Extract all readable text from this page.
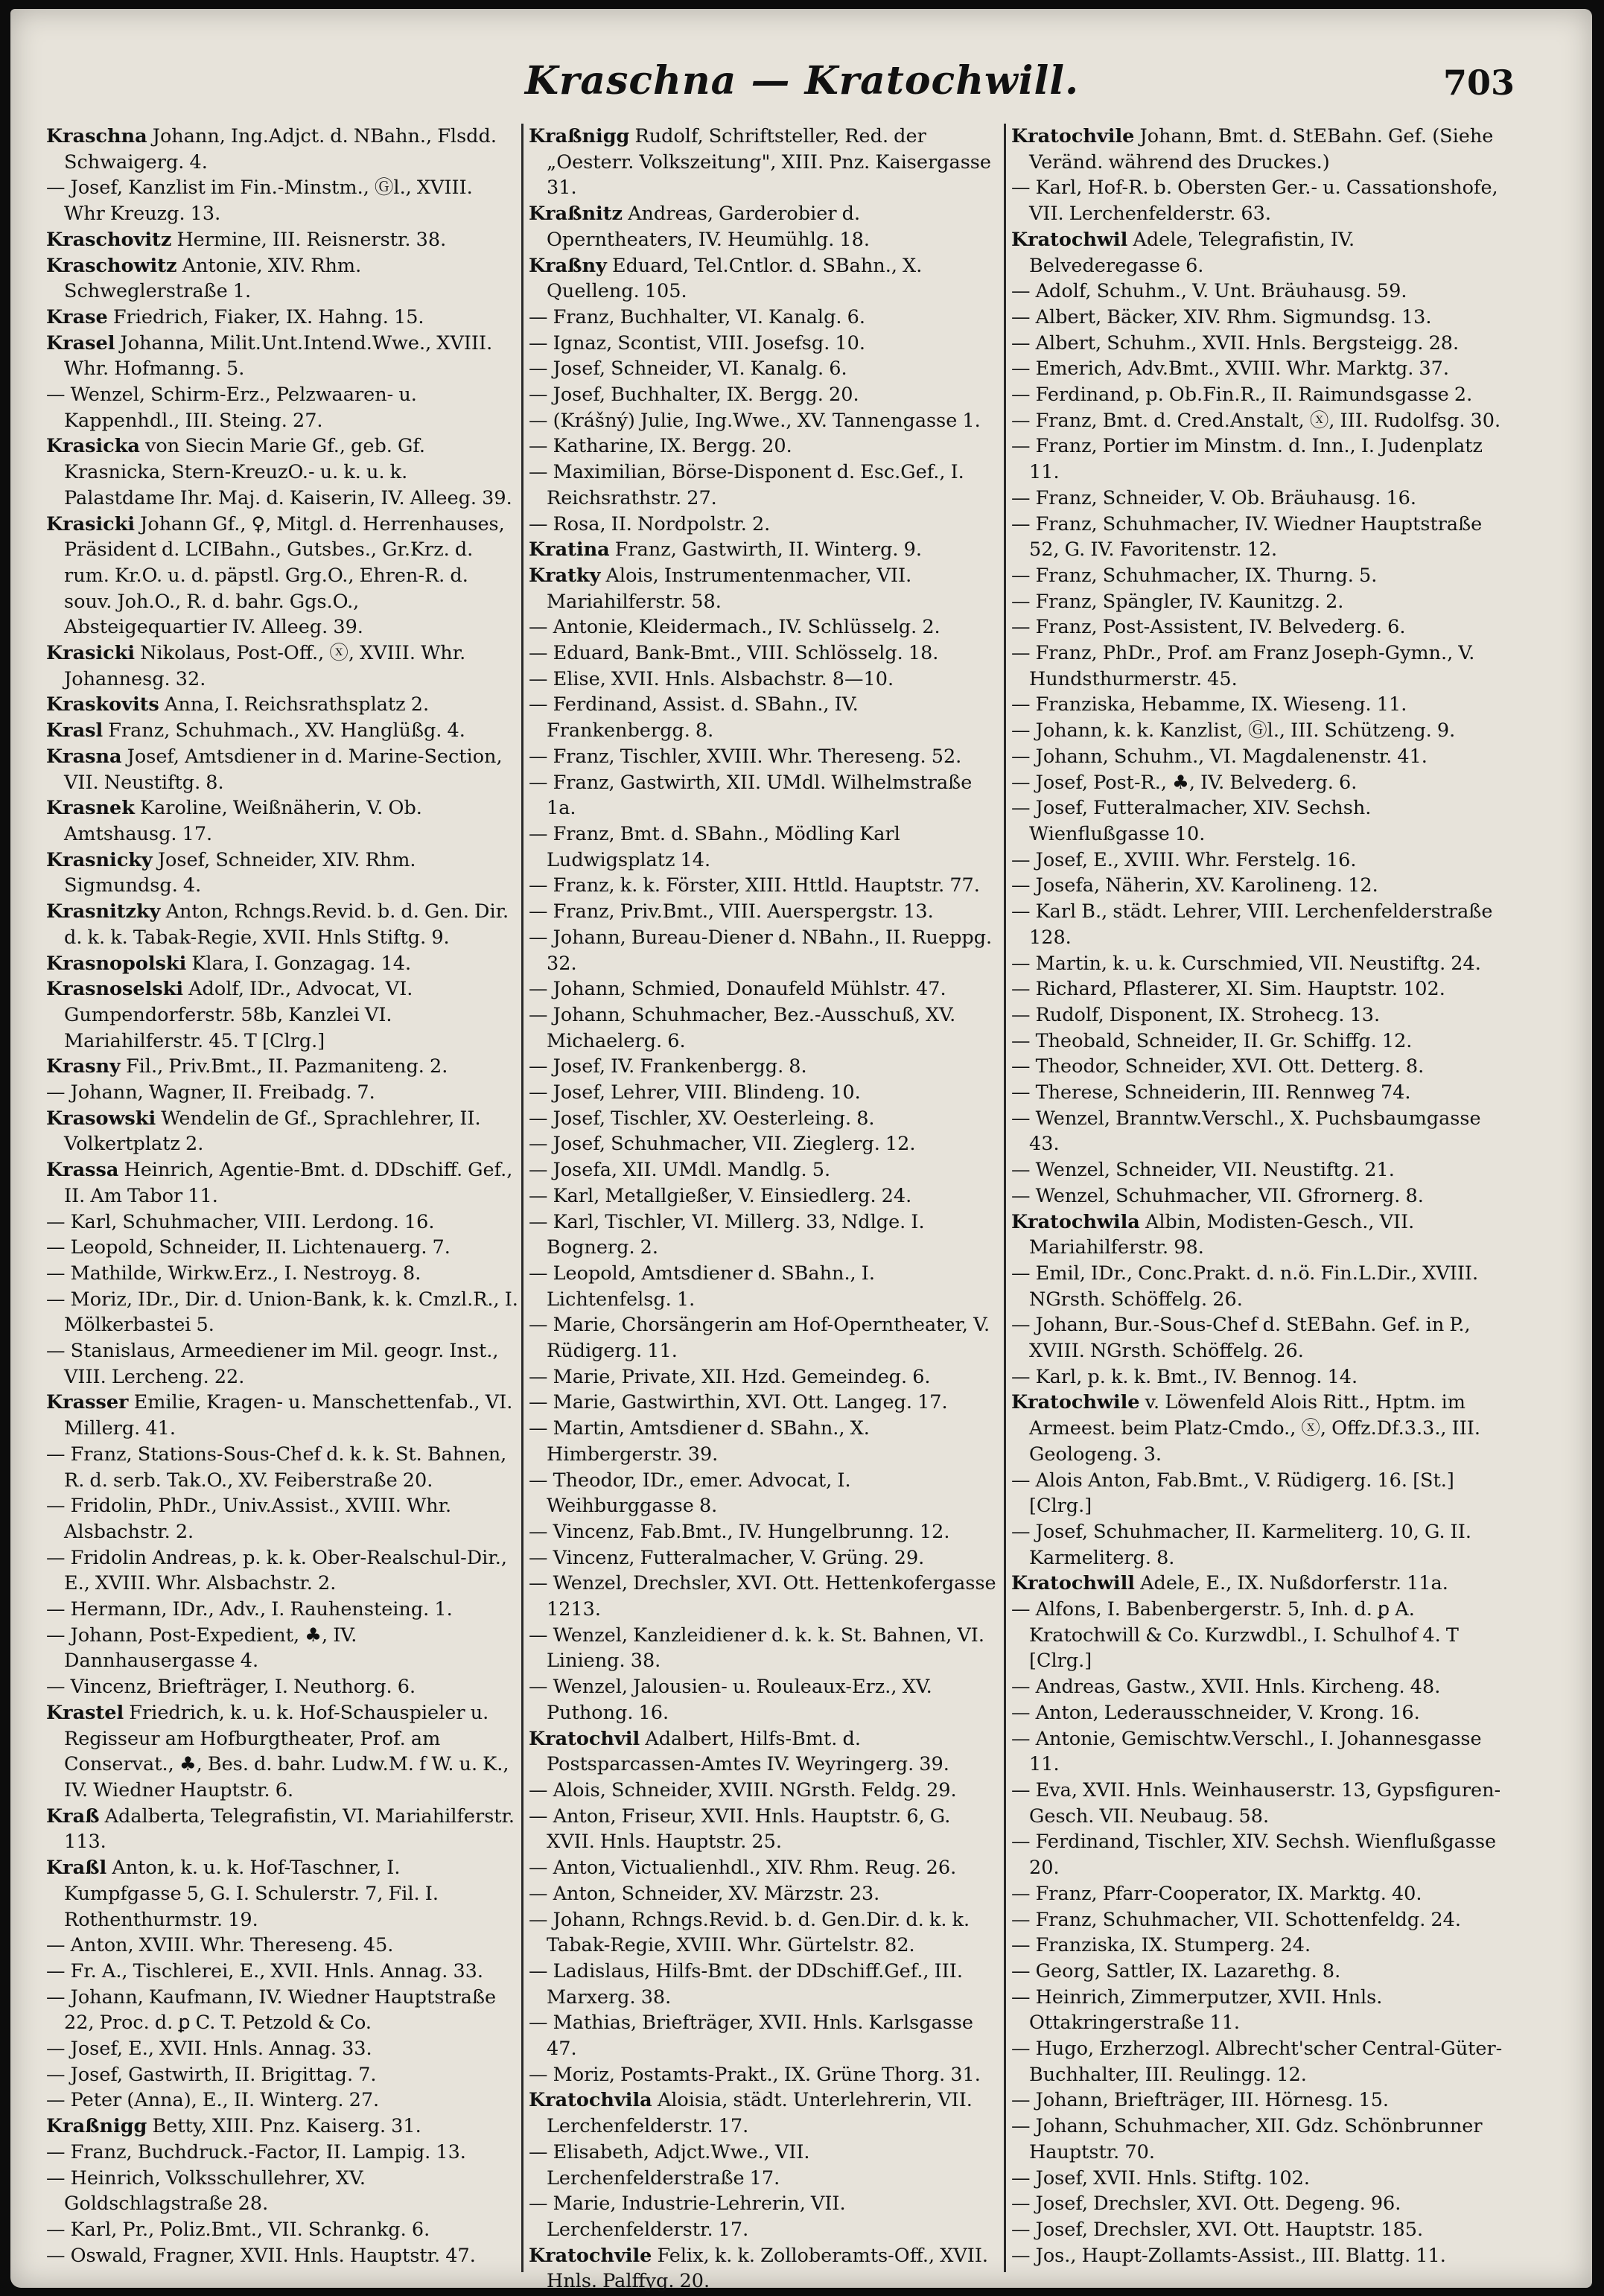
Kraschna — Kratochwill.	703
Kraschna Johann, Ing.Adjct. d. NBahn., Flsdd. Schwaigerg. 4.
— Josef, Kanzlist im Fin.-Minstm., Ⓖl., XVIII. Whr Kreuzg. 13.
Kraschovitz Hermine, III. Reisnerstr. 38.
Kraschowitz Antonie, XIV. Rhm. Schweglerstraße 1.
Krase Friedrich, Fiaker, IX. Hahng. 15.
Krasel Johanna, Milit.Unt.Intend.Wwe., XVIII. Whr. Hofmanng. 5.
— Wenzel, Schirm-Erz., Pelzwaaren- u. Kappenhdl., III. Steing. 27.
Krasicka von Siecin Marie Gf., geb. Gf. Krasnicka, Stern-KreuzO.- u. k. u. k. Palastdame Ihr. Maj. d. Kaiserin, IV. Alleeg. 39.
Krasicki Johann Gf., ♀, Mitgl. d. Herrenhauses, Präsident d. LCIBahn., Gutsbes., Gr.Krz. d. rum. Kr.O. u. d. päpstl. Grg.O., Ehren-R. d. souv. Joh.O., R. d. bahr. Ggs.O., Absteigequartier IV. Alleeg. 39.
Krasicki Nikolaus, Post-Off., ⓧ, XVIII. Whr. Johannesg. 32.
Kraskovits Anna, I. Reichsrathsplatz 2.
Krasl Franz, Schuhmach., XV. Hanglüßg. 4.
Krasna Josef, Amtsdiener in d. Marine-Section, VII. Neustiftg. 8.
Krasnek Karoline, Weißnäherin, V. Ob. Amtshausg. 17.
Krasnicky Josef, Schneider, XIV. Rhm. Sigmundsg. 4.
Krasnitzky Anton, Rchngs.Revid. b. d. Gen. Dir. d. k. k. Tabak-Regie, XVII. Hnls Stiftg. 9.
Krasnopolski Klara, I. Gonzagag. 14.
Krasnoselski Adolf, IDr., Advocat, VI. Gumpendorferstr. 58b, Kanzlei VI. Mariahilferstr. 45. T [Clrg.]
Krasny Fil., Priv.Bmt., II. Pazmaniteng. 2.
— Johann, Wagner, II. Freibadg. 7.
Krasowski Wendelin de Gf., Sprachlehrer, II. Volkertplatz 2.
Krassa Heinrich, Agentie-Bmt. d. DDschiff. Gef., II. Am Tabor 11.
— Karl, Schuhmacher, VIII. Lerdong. 16.
— Leopold, Schneider, II. Lichtenauerg. 7.
— Mathilde, Wirkw.Erz., I. Nestroyg. 8.
— Moriz, IDr., Dir. d. Union-Bank, k. k. Cmzl.R., I. Mölkerbastei 5.
— Stanislaus, Armeediener im Mil. geogr. Inst., VIII. Lercheng. 22.
Krasser Emilie, Kragen- u. Manschettenfab., VI. Millerg. 41.
— Franz, Stations-Sous-Chef d. k. k. St. Bahnen, R. d. serb. Tak.O., XV. Feiberstraße 20.
— Fridolin, PhDr., Univ.Assist., XVIII. Whr. Alsbachstr. 2.
— Fridolin Andreas, p. k. k. Ober-Realschul-Dir., E., XVIII. Whr. Alsbachstr. 2.
— Hermann, IDr., Adv., I. Rauhensteing. 1.
— Johann, Post-Expedient, ♣, IV. Dannhausergasse 4.
— Vincenz, Briefträger, I. Neuthorg. 6.
Krastel Friedrich, k. u. k. Hof-Schauspieler u. Regisseur am Hofburgtheater, Prof. am Conservat., ♣, Bes. d. bahr. Ludw.M. f W. u. K., IV. Wiedner Hauptstr. 6.
Kraß Adalberta, Telegrafistin, VI. Mariahilferstr. 113.
Kraßl Anton, k. u. k. Hof-Taschner, I. Kumpfgasse 5, G. I. Schulerstr. 7, Fil. I. Rothenthurmstr. 19.
— Anton, XVIII. Whr. Thereseng. 45.
— Fr. A., Tischlerei, E., XVII. Hnls. Annag. 33.
— Johann, Kaufmann, IV. Wiedner Hauptstraße 22, Proc. d. ꝑ C. T. Petzold & Co.
— Josef, E., XVII. Hnls. Annag. 33.
— Josef, Gastwirth, II. Brigittag. 7.
— Peter (Anna), E., II. Winterg. 27.
Kraßnigg Betty, XIII. Pnz. Kaiserg. 31.
— Franz, Buchdruck.-Factor, II. Lampig. 13.
— Heinrich, Volksschullehrer, XV. Goldschlagstraße 28.
— Karl, Pr., Poliz.Bmt., VII. Schrankg. 6.
— Oswald, Fragner, XVII. Hnls. Hauptstr. 47.
Kraßnigg Rudolf, Schriftsteller, Red. der „Oesterr. Volkszeitung", XIII. Pnz. Kaisergasse 31.
Kraßnitz Andreas, Garderobier d. Operntheaters, IV. Heumühlg. 18.
Kraßny Eduard, Tel.Cntlor. d. SBahn., X. Quelleng. 105.
— Franz, Buchhalter, VI. Kanalg. 6.
— Ignaz, Scontist, VIII. Josefsg. 10.
— Josef, Schneider, VI. Kanalg. 6.
— Josef, Buchhalter, IX. Bergg. 20.
— (Krášný) Julie, Ing.Wwe., XV. Tannengasse 1.
— Katharine, IX. Bergg. 20.
— Maximilian, Börse-Disponent d. Esc.Gef., I. Reichsrathstr. 27.
— Rosa, II. Nordpolstr. 2.
Kratina Franz, Gastwirth, II. Winterg. 9.
Kratky Alois, Instrumentenmacher, VII. Mariahilferstr. 58.
— Antonie, Kleidermach., IV. Schlüsselg. 2.
— Eduard, Bank-Bmt., VIII. Schlösselg. 18.
— Elise, XVII. Hnls. Alsbachstr. 8—10.
— Ferdinand, Assist. d. SBahn., IV. Frankenbergg. 8.
— Franz, Tischler, XVIII. Whr. Thereseng. 52.
— Franz, Gastwirth, XII. UMdl. Wilhelmstraße 1a.
— Franz, Bmt. d. SBahn., Mödling Karl Ludwigsplatz 14.
— Franz, k. k. Förster, XIII. Httld. Hauptstr. 77.
— Franz, Priv.Bmt., VIII. Auerspergstr. 13.
— Johann, Bureau-Diener d. NBahn., II. Rueppg. 32.
— Johann, Schmied, Donaufeld Mühlstr. 47.
— Johann, Schuhmacher, Bez.-Ausschuß, XV. Michaelerg. 6.
— Josef, IV. Frankenbergg. 8.
— Josef, Lehrer, VIII. Blindeng. 10.
— Josef, Tischler, XV. Oesterleing. 8.
— Josef, Schuhmacher, VII. Zieglerg. 12.
— Josefa, XII. UMdl. Mandlg. 5.
— Karl, Metallgießer, V. Einsiedlerg. 24.
— Karl, Tischler, VI. Millerg. 33, Ndlge. I. Bognerg. 2.
— Leopold, Amtsdiener d. SBahn., I. Lichtenfelsg. 1.
— Marie, Chorsängerin am Hof-Operntheater, V. Rüdigerg. 11.
— Marie, Private, XII. Hzd. Gemeindeg. 6.
— Marie, Gastwirthin, XVI. Ott. Langeg. 17.
— Martin, Amtsdiener d. SBahn., X. Himbergerstr. 39.
— Theodor, IDr., emer. Advocat, I. Weihburggasse 8.
— Vincenz, Fab.Bmt., IV. Hungelbrunng. 12.
— Vincenz, Futteralmacher, V. Grüng. 29.
— Wenzel, Drechsler, XVI. Ott. Hettenkofergasse 1213.
— Wenzel, Kanzleidiener d. k. k. St. Bahnen, VI. Linieng. 38.
— Wenzel, Jalousien- u. Rouleaux-Erz., XV. Puthong. 16.
Kratochvil Adalbert, Hilfs-Bmt. d. Postsparcassen-Amtes IV. Weyringerg. 39.
— Alois, Schneider, XVIII. NGrsth. Feldg. 29.
— Anton, Friseur, XVII. Hnls. Hauptstr. 6, G. XVII. Hnls. Hauptstr. 25.
— Anton, Victualienhdl., XIV. Rhm. Reug. 26.
— Anton, Schneider, XV. Märzstr. 23.
— Johann, Rchngs.Revid. b. d. Gen.Dir. d. k. k. Tabak-Regie, XVIII. Whr. Gürtelstr. 82.
— Ladislaus, Hilfs-Bmt. der DDschiff.Gef., III. Marxerg. 38.
— Mathias, Briefträger, XVII. Hnls. Karlsgasse 47.
— Moriz, Postamts-Prakt., IX. Grüne Thorg. 31.
Kratochvila Aloisia, städt. Unterlehrerin, VII. Lerchenfelderstr. 17.
— Elisabeth, Adjct.Wwe., VII. Lerchenfelderstraße 17.
— Marie, Industrie-Lehrerin, VII. Lerchenfelderstr. 17.
Kratochvile Felix, k. k. Zolloberamts-Off., XVII. Hnls. Palffyg. 20.
Kratochvile Johann, Bmt. d. StEBahn. Gef. (Siehe Veränd. während des Druckes.)
— Karl, Hof-R. b. Obersten Ger.- u. Cassationshofe, VII. Lerchenfelderstr. 63.
Kratochwil Adele, Telegrafistin, IV. Belvederegasse 6.
— Adolf, Schuhm., V. Unt. Bräuhausg. 59.
— Albert, Bäcker, XIV. Rhm. Sigmundsg. 13.
— Albert, Schuhm., XVII. Hnls. Bergsteigg. 28.
— Emerich, Adv.Bmt., XVIII. Whr. Marktg. 37.
— Ferdinand, p. Ob.Fin.R., II. Raimundsgasse 2.
— Franz, Bmt. d. Cred.Anstalt, ⓧ, III. Rudolfsg. 30.
— Franz, Portier im Minstm. d. Inn., I. Judenplatz 11.
— Franz, Schneider, V. Ob. Bräuhausg. 16.
— Franz, Schuhmacher, IV. Wiedner Hauptstraße 52, G. IV. Favoritenstr. 12.
— Franz, Schuhmacher, IX. Thurng. 5.
— Franz, Spängler, IV. Kaunitzg. 2.
— Franz, Post-Assistent, IV. Belvederg. 6.
— Franz, PhDr., Prof. am Franz Joseph-Gymn., V. Hundsthurmerstr. 45.
— Franziska, Hebamme, IX. Wieseng. 11.
— Johann, k. k. Kanzlist, Ⓖl., III. Schützeng. 9.
— Johann, Schuhm., VI. Magdalenenstr. 41.
— Josef, Post-R., ♣, IV. Belvederg. 6.
— Josef, Futteralmacher, XIV. Sechsh. Wienflußgasse 10.
— Josef, E., XVIII. Whr. Ferstelg. 16.
— Josefa, Näherin, XV. Karolineng. 12.
— Karl B., städt. Lehrer, VIII. Lerchenfelderstraße 128.
— Martin, k. u. k. Curschmied, VII. Neustiftg. 24.
— Richard, Pflasterer, XI. Sim. Hauptstr. 102.
— Rudolf, Disponent, IX. Strohecg. 13.
— Theobald, Schneider, II. Gr. Schiffg. 12.
— Theodor, Schneider, XVI. Ott. Detterg. 8.
— Therese, Schneiderin, III. Rennweg 74.
— Wenzel, Branntw.Verschl., X. Puchsbaumgasse 43.
— Wenzel, Schneider, VII. Neustiftg. 21.
— Wenzel, Schuhmacher, VII. Gfrornerg. 8.
Kratochwila Albin, Modisten-Gesch., VII. Mariahilferstr. 98.
— Emil, IDr., Conc.Prakt. d. n.ö. Fin.L.Dir., XVIII. NGrsth. Schöffelg. 26.
— Johann, Bur.-Sous-Chef d. StEBahn. Gef. in P., XVIII. NGrsth. Schöffelg. 26.
— Karl, p. k. k. Bmt., IV. Bennog. 14.
Kratochwile v. Löwenfeld Alois Ritt., Hptm. im Armeest. beim Platz-Cmdo., ⓧ, Offz.Df.3.3., III. Geologeng. 3.
— Alois Anton, Fab.Bmt., V. Rüdigerg. 16. [St.] [Clrg.]
— Josef, Schuhmacher, II. Karmeliterg. 10, G. II. Karmeliterg. 8.
Kratochwill Adele, E., IX. Nußdorferstr. 11a.
— Alfons, I. Babenbergerstr. 5, Inh. d. ꝑ A. Kratochwill & Co. Kurzwdbl., I. Schulhof 4. T [Clrg.]
— Andreas, Gastw., XVII. Hnls. Kircheng. 48.
— Anton, Lederausschneider, V. Krong. 16.
— Antonie, Gemischtw.Verschl., I. Johannesgasse 11.
— Eva, XVII. Hnls. Weinhauserstr. 13, Gypsfiguren-Gesch. VII. Neubaug. 58.
— Ferdinand, Tischler, XIV. Sechsh. Wienflußgasse 20.
— Franz, Pfarr-Cooperator, IX. Marktg. 40.
— Franz, Schuhmacher, VII. Schottenfeldg. 24.
— Franziska, IX. Stumperg. 24.
— Georg, Sattler, IX. Lazarethg. 8.
— Heinrich, Zimmerputzer, XVII. Hnls. Ottakringerstraße 11.
— Hugo, Erzherzogl. Albrecht'scher Central-Güter-Buchhalter, III. Reulingg. 12.
— Johann, Briefträger, III. Hörnesg. 15.
— Johann, Schuhmacher, XII. Gdz. Schönbrunner Hauptstr. 70.
— Josef, XVII. Hnls. Stiftg. 102.
— Josef, Drechsler, XVI. Ott. Degeng. 96.
— Josef, Drechsler, XVI. Ott. Hauptstr. 185.
— Jos., Haupt-Zollamts-Assist., III. Blattg. 11.
